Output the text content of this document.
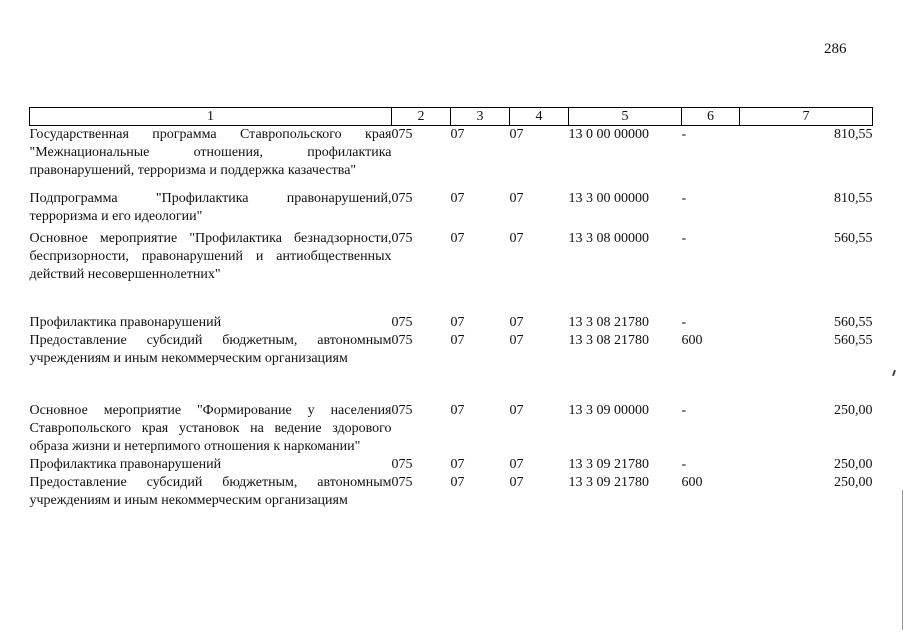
286
1	2	3	4	5	6	7
Государственная программа Ставропольского края "Межнациональные отношения, профилактика правонарушений, терроризма и поддержка казачества"	075	07	07	13 0 00 00000	-	810,55
Подпрограмма "Профилактика правонарушений, терроризма и его идеологии"	075	07	07	13 3 00 00000	-	810,55
Основное мероприятие "Профилактика безнадзорности, беспризорности, правонарушений и антиобщественных действий несовершеннолетних"	075	07	07	13 3 08 00000	-	560,55
Профилактика правонарушений	075	07	07	13 3 08 21780	-	560,55
Предоставление субсидий бюджетным, автономным учреждениям и иным некоммерческим организациям	075	07	07	13 3 08 21780	600	560,55
Основное мероприятие "Формирование у населения Ставропольского края установок на ведение здорового образа жизни и нетерпимого отношения к наркомании"	075	07	07	13 3 09 00000	-	250,00
Профилактика правонарушений	075	07	07	13 3 09 21780	-	250,00
Предоставление субсидий бюджетным, автономным учреждениям и иным некоммерческим организациям	075	07	07	13 3 09 21780	600	250,00
